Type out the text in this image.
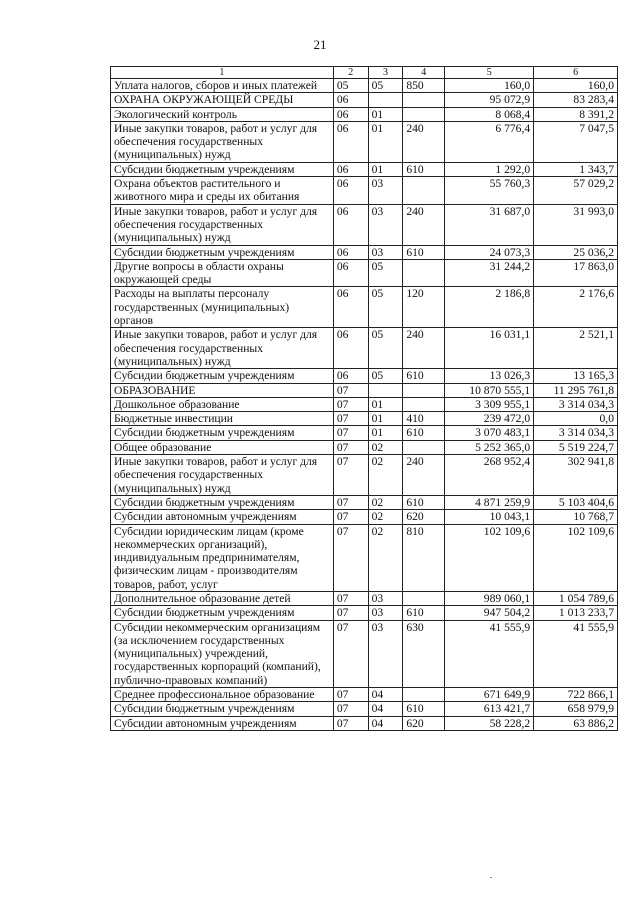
21
1	2	3	4	5	6
Уплата налогов, сборов и иных платежей	05	05	850	160,0	160,0
ОХРАНА ОКРУЖАЮЩЕЙ СРЕДЫ	06			95 072,9	83 283,4
Экологический контроль	06	01		8 068,4	8 391,2
Иные закупки товаров, работ и услуг для обеспечения государственных (муниципальных) нужд	06	01	240	6 776,4	7 047,5
Субсидии бюджетным учреждениям	06	01	610	1 292,0	1 343,7
Охрана объектов растительного и животного мира и среды их обитания	06	03		55 760,3	57 029,2
Иные закупки товаров, работ и услуг для обеспечения государственных (муниципальных) нужд	06	03	240	31 687,0	31 993,0
Субсидии бюджетным учреждениям	06	03	610	24 073,3	25 036,2
Другие вопросы в области охраны окружающей среды	06	05		31 244,2	17 863,0
Расходы на выплаты персоналу государственных (муниципальных) органов	06	05	120	2 186,8	2 176,6
Иные закупки товаров, работ и услуг для обеспечения государственных (муниципальных) нужд	06	05	240	16 031,1	2 521,1
Субсидии бюджетным учреждениям	06	05	610	13 026,3	13 165,3
ОБРАЗОВАНИЕ	07			10 870 555,1	11 295 761,8
Дошкольное образование	07	01		3 309 955,1	3 314 034,3
Бюджетные инвестиции	07	01	410	239 472,0	0,0
Субсидии бюджетным учреждениям	07	01	610	3 070 483,1	3 314 034,3
Общее образование	07	02		5 252 365,0	5 519 224,7
Иные закупки товаров, работ и услуг для обеспечения государственных (муниципальных) нужд	07	02	240	268 952,4	302 941,8
Субсидии бюджетным учреждениям	07	02	610	4 871 259,9	5 103 404,6
Субсидии автономным учреждениям	07	02	620	10 043,1	10 768,7
Субсидии юридическим лицам (кроме некоммерческих организаций), индивидуальным предпринимателям, физическим лицам - производителям товаров, работ, услуг	07	02	810	102 109,6	102 109,6
Дополнительное образование детей	07	03		989 060,1	1 054 789,6
Субсидии бюджетным учреждениям	07	03	610	947 504,2	1 013 233,7
Субсидии некоммерческим организациям (за исключением государственных (муниципальных) учреждений, государственных корпораций (компаний), публично-правовых компаний)	07	03	630	41 555,9	41 555,9
Среднее профессиональное образование	07	04		671 649,9	722 866,1
Субсидии бюджетным учреждениям	07	04	610	613 421,7	658 979,9
Субсидии автономным учреждениям	07	04	620	58 228,2	63 886,2
